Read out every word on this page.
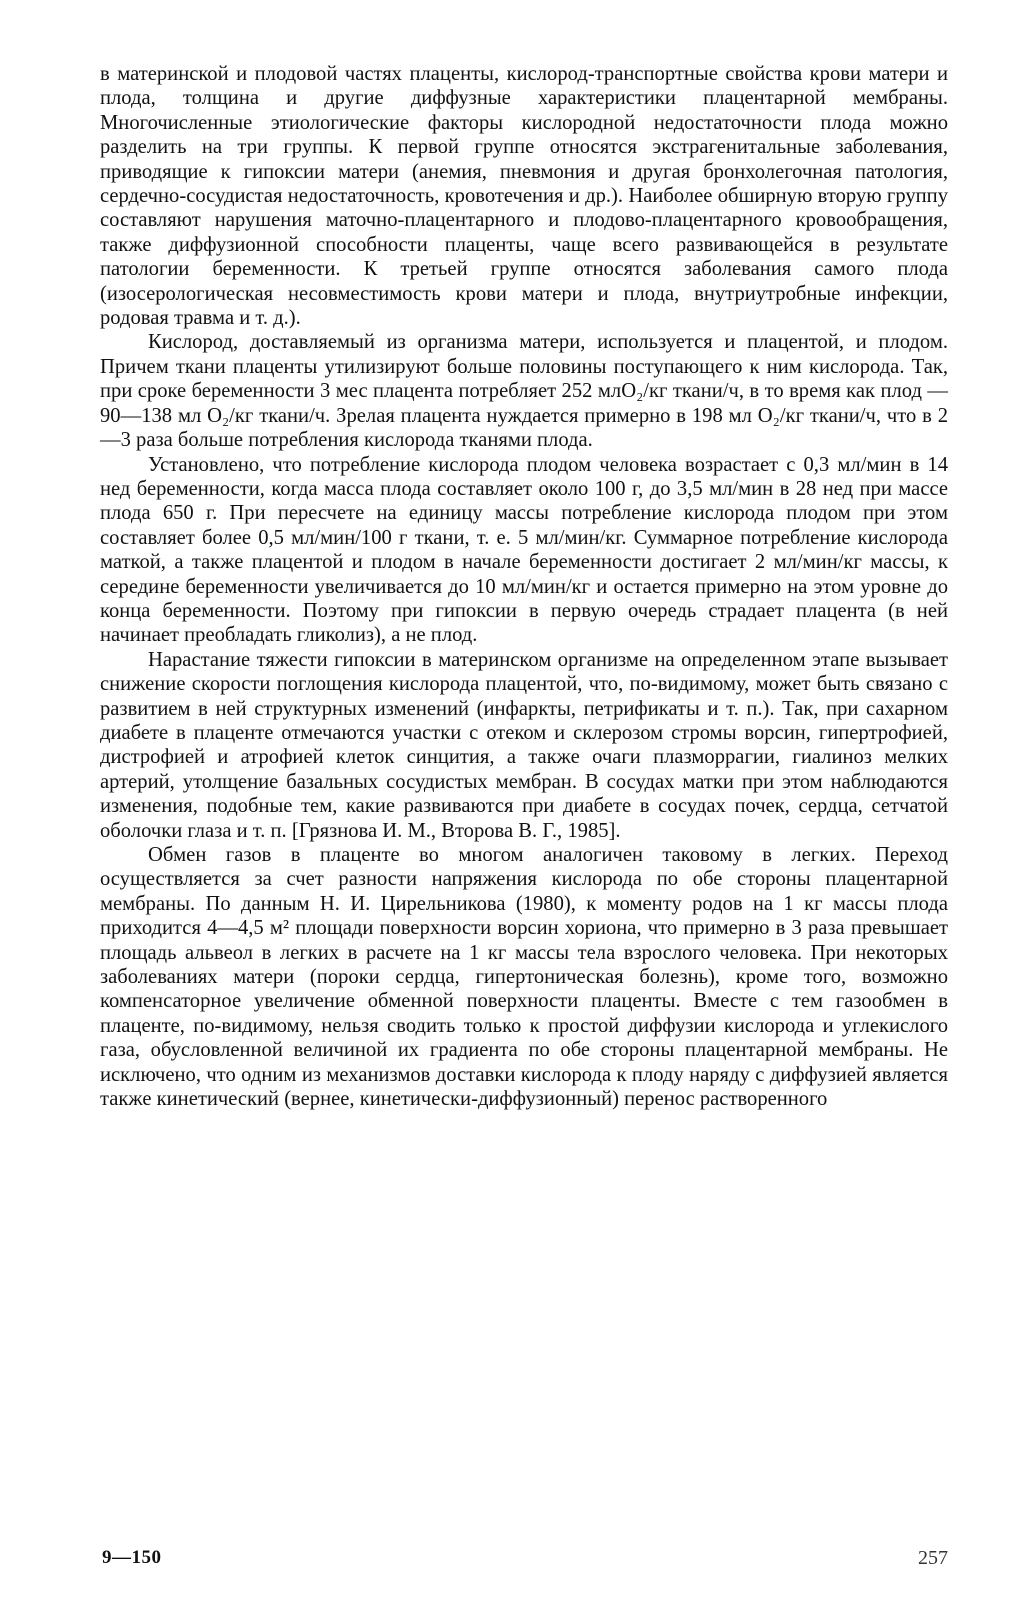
в материнской и плодовой частях плаценты, кислород-транспортные свойства крови матери и плода, толщина и другие диффузные характеристики плацентарной мембраны. Многочисленные этиологические факторы кислородной недостаточности плода можно разделить на три группы. К первой группе относятся экстрагенитальные заболевания, приводящие к гипоксии матери (анемия, пневмония и другая бронхолегочная патология, сердечно-сосудистая недостаточность, кровотечения и др.). Наиболее обширную вторую группу составляют нарушения маточно-плацентарного и плодово-плацентарного кровообращения, также диффузионной способности плаценты, чаще всего развивающейся в результате патологии беременности. К третьей группе относятся заболевания самого плода (изосерологическая несовместимость крови матери и плода, внутриутробные инфекции, родовая травма и т. д.).

Кислород, доставляемый из организма матери, используется и плацентой, и плодом. Причем ткани плаценты утилизируют больше половины поступающего к ним кислорода. Так, при сроке беременности 3 мес плацента потребляет 252 млО₂/кг ткани/ч, в то время как плод — 90—138 мл O₂/кг ткани/ч. Зрелая плацента нуждается примерно в 198 мл O₂/кг ткани/ч, что в 2—3 раза больше потребления кислорода тканями плода.

Установлено, что потребление кислорода плодом человека возрастает с 0,3 мл/мин в 14 нед беременности, когда масса плода составляет около 100 г, до 3,5 мл/мин в 28 нед при массе плода 650 г. При пересчете на единицу массы потребление кислорода плодом при этом составляет более 0,5 мл/мин/100 г ткани, т. е. 5 мл/мин/кг. Суммарное потребление кислорода маткой, а также плацентой и плодом в начале беременности достигает 2 мл/мин/кг массы, к середине беременности увеличивается до 10 мл/мин/кг и остается примерно на этом уровне до конца беременности. Поэтому при гипоксии в первую очередь страдает плацента (в ней начинает преобладать гликолиз), а не плод.

Нарастание тяжести гипоксии в материнском организме на определенном этапе вызывает снижение скорости поглощения кислорода плацентой, что, по-видимому, может быть связано с развитием в ней структурных изменений (инфаркты, петрификаты и т. п.). Так, при сахарном диабете в плаценте отмечаются участки с отеком и склерозом стромы ворсин, гипертрофией, дистрофией и атрофией клеток синцития, а также очаги плазморрагии, гиалиноз мелких артерий, утолщение базальных сосудистых мембран. В сосудах матки при этом наблюдаются изменения, подобные тем, какие развиваются при диабете в сосудах почек, сердца, сетчатой оболочки глаза и т. п. [Грязнова И. М., Второва В. Г., 1985].

Обмен газов в плаценте во многом аналогичен таковому в легких. Переход осуществляется за счет разности напряжения кислорода по обе стороны плацентарной мембраны. По данным Н. И. Цирельникова (1980), к моменту родов на 1 кг массы плода приходится 4—4,5 м² площади поверхности ворсин хориона, что примерно в 3 раза превышает площадь альвеол в легких в расчете на 1 кг массы тела взрослого человека. При некоторых заболеваниях матери (пороки сердца, гипертоническая болезнь), кроме того, возможно компенсаторное увеличение обменной поверхности плаценты. Вместе с тем газообмен в плаценте, по-видимому, нельзя сводить только к простой диффузии кислорода и углекислого газа, обусловленной величиной их градиента по обе стороны плацентарной мембраны. Не исключено, что одним из механизмов доставки кислорода к плоду наряду с диффузией является также кинетический (вернее, кинетически-диффузионный) перенос растворенного

9—150	257
